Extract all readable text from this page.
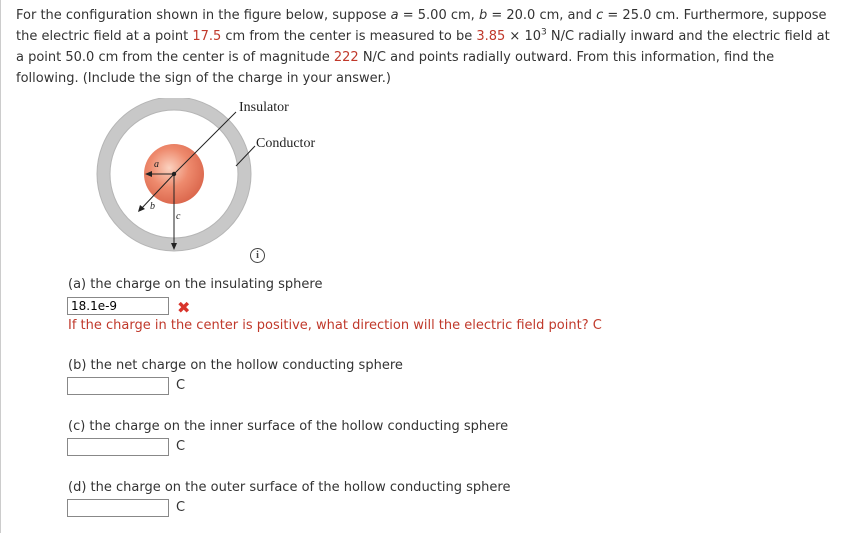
For the configuration shown in the figure below, suppose a = 5.00 cm, b = 20.0 cm, and c = 25.0 cm. Furthermore, suppose the electric field at a point 17.5 cm from the center is measured to be $3.85 \times 10^3$ N/C radially inward and the electric field at a point 50.0 cm from the center is of magnitude 222 N/C and points radially outward. From this information, find the following. (Include the sign of the charge in your answer.)
Insulator
Conductor
a
b
c
i
(a) the charge on the insulating sphere
18.1e-9
✖
If the charge in the center is positive, what direction will the electric field point? C
(b) the net charge on the hollow conducting sphere
C
(c) the charge on the inner surface of the hollow conducting sphere
C
(d) the charge on the outer surface of the hollow conducting sphere
C
